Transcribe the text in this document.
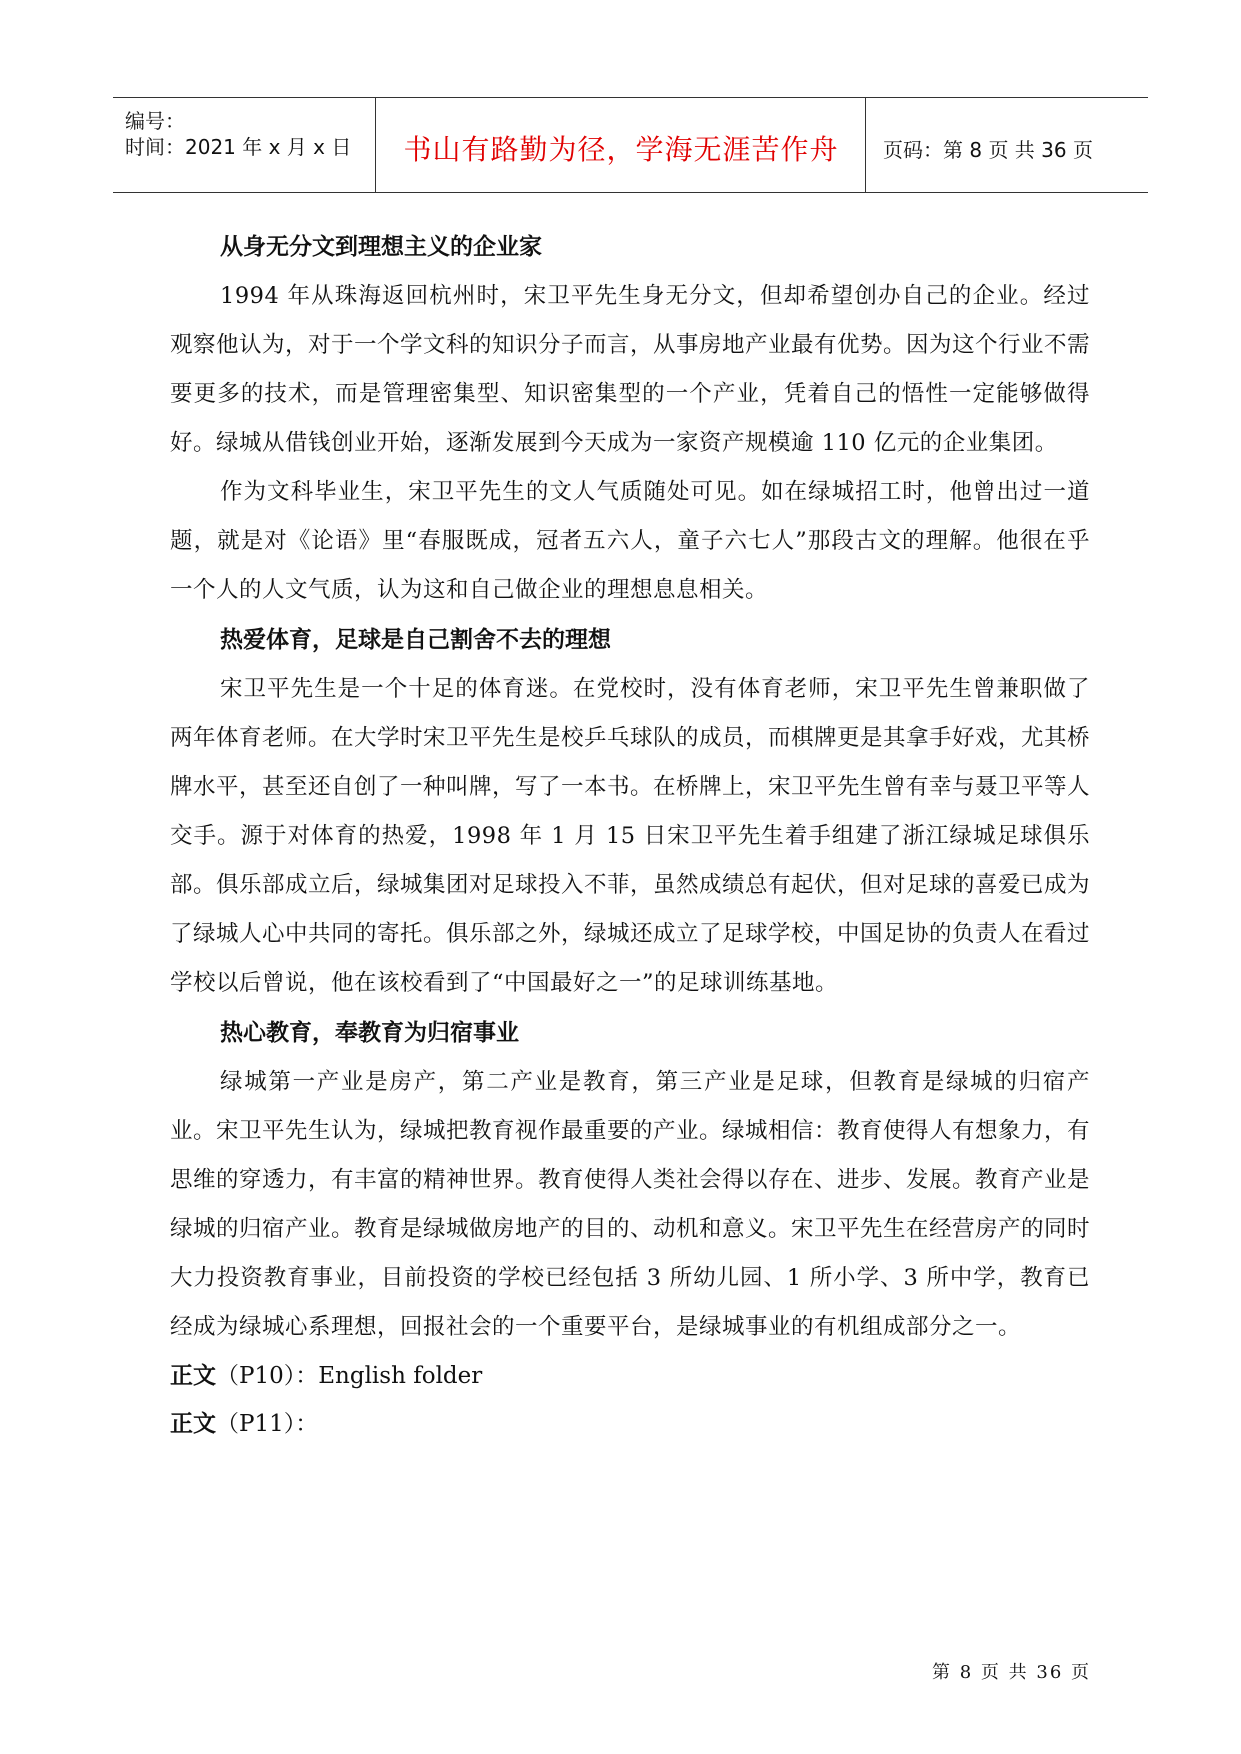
编号：
时间：2021 年 x 月 x 日	书山有路勤为径，学海无涯苦作舟	页码：第 8 页 共 36 页
从身无分文到理想主义的企业家

1994 年从珠海返回杭州时，宋卫平先生身无分文，但却希望创办自己的企业。经过观察他认为，对于一个学文科的知识分子而言，从事房地产业最有优势。因为这个行业不需要更多的技术，而是管理密集型、知识密集型的一个产业，凭着自己的悟性一定能够做得好。绿城从借钱创业开始，逐渐发展到今天成为一家资产规模逾 110 亿元的企业集团。

作为文科毕业生，宋卫平先生的文人气质随处可见。如在绿城招工时，他曾出过一道题，就是对《论语》里“春服既成，冠者五六人，童子六七人”那段古文的理解。他很在乎一个人的人文气质，认为这和自己做企业的理想息息相关。

热爱体育，足球是自己割舍不去的理想

宋卫平先生是一个十足的体育迷。在党校时，没有体育老师，宋卫平先生曾兼职做了两年体育老师。在大学时宋卫平先生是校乒乓球队的成员，而棋牌更是其拿手好戏，尤其桥牌水平，甚至还自创了一种叫牌，写了一本书。在桥牌上，宋卫平先生曾有幸与聂卫平等人交手。源于对体育的热爱，1998 年 1 月 15 日宋卫平先生着手组建了浙江绿城足球俱乐部。俱乐部成立后，绿城集团对足球投入不菲，虽然成绩总有起伏，但对足球的喜爱已成为了绿城人心中共同的寄托。俱乐部之外，绿城还成立了足球学校，中国足协的负责人在看过学校以后曾说，他在该校看到了“中国最好之一”的足球训练基地。

热心教育，奉教育为归宿事业

绿城第一产业是房产，第二产业是教育，第三产业是足球，但教育是绿城的归宿产业。宋卫平先生认为，绿城把教育视作最重要的产业。绿城相信：教育使得人有想象力，有思维的穿透力，有丰富的精神世界。教育使得人类社会得以存在、进步、发展。教育产业是绿城的归宿产业。教育是绿城做房地产的目的、动机和意义。宋卫平先生在经营房产的同时大力投资教育事业，目前投资的学校已经包括 3 所幼儿园、1 所小学、3 所中学，教育已经成为绿城心系理想，回报社会的一个重要平台，是绿城事业的有机组成部分之一。

正文（P10）：English folder
正文（P11）：
第 8 页 共 36 页
